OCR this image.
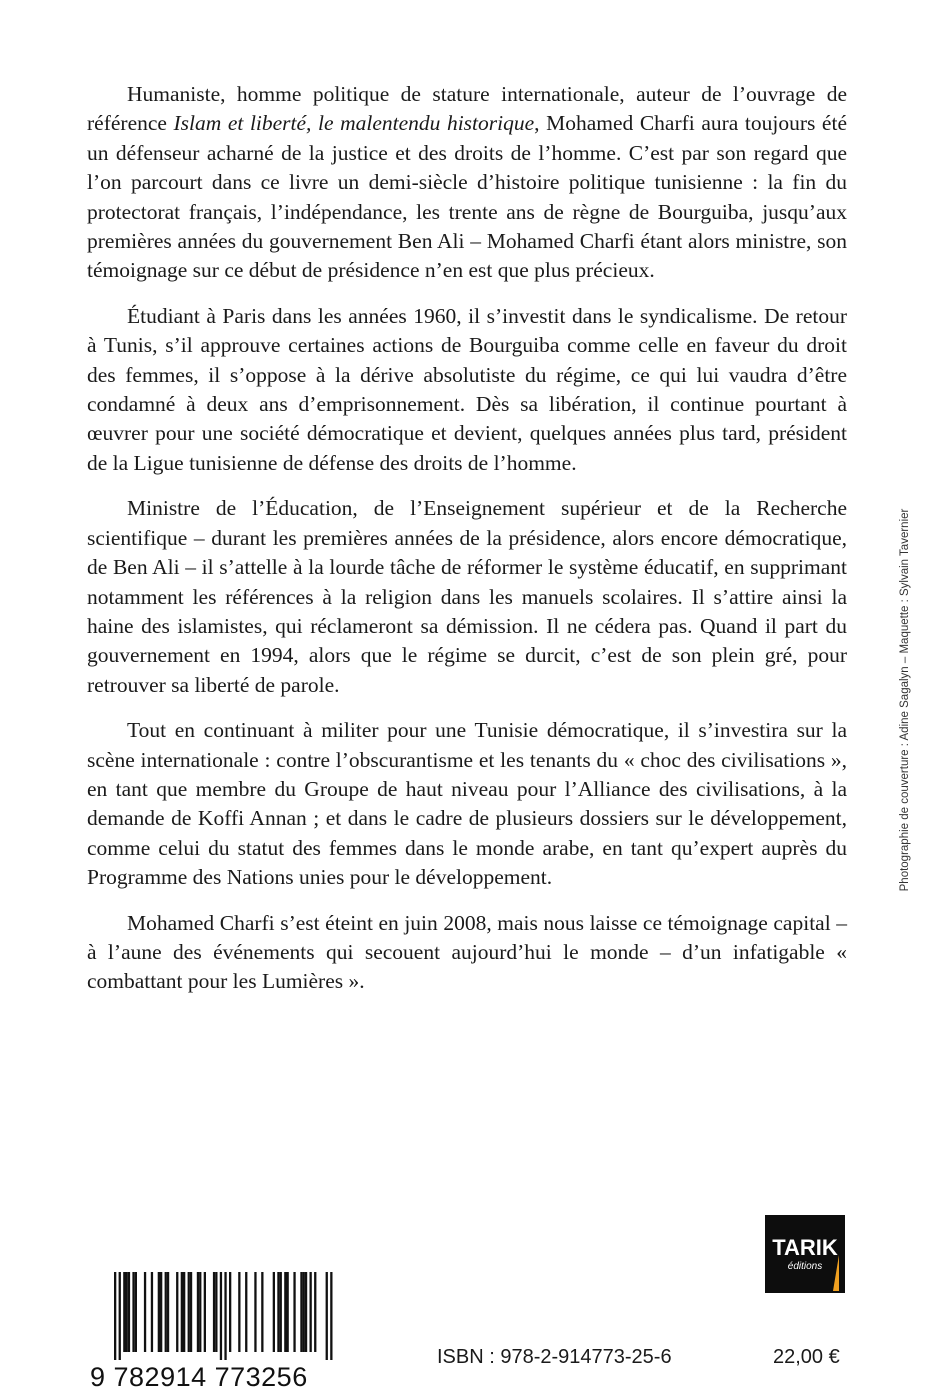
Humaniste, homme politique de stature internationale, auteur de l’ouvrage de référence Islam et liberté, le malentendu historique, Mohamed Charfi aura toujours été un défenseur acharné de la justice et des droits de l’homme. C’est par son regard que l’on parcourt dans ce livre un demi-siècle d’histoire politique tunisienne : la fin du protectorat français, l’indépendance, les trente ans de règne de Bourguiba, jusqu’aux premières années du gouvernement Ben Ali – Mohamed Charfi étant alors ministre, son témoignage sur ce début de présidence n’en est que plus précieux.

Étudiant à Paris dans les années 1960, il s’investit dans le syndicalisme. De retour à Tunis, s’il approuve certaines actions de Bourguiba comme celle en faveur du droit des femmes, il s’oppose à la dérive absolutiste du régime, ce qui lui vaudra d’être condamné à deux ans d’emprisonnement. Dès sa libération, il continue pourtant à œuvrer pour une société démocratique et devient, quelques années plus tard, président de la Ligue tunisienne de défense des droits de l’homme.

Ministre de l’Éducation, de l’Enseignement supérieur et de la Recherche scientifique – durant les premières années de la présidence, alors encore démocratique, de Ben Ali – il s’attelle à la lourde tâche de réformer le système éducatif, en supprimant notamment les références à la religion dans les manuels scolaires. Il s’attire ainsi la haine des islamistes, qui réclameront sa démission. Il ne cédera pas. Quand il part du gouvernement en 1994, alors que le régime se durcit, c’est de son plein gré, pour retrouver sa liberté de parole.

Tout en continuant à militer pour une Tunisie démocratique, il s’investira sur la scène internationale : contre l’obscurantisme et les tenants du « choc des civilisations », en tant que membre du Groupe de haut niveau pour l’Alliance des civilisations, à la demande de Koffi Annan ; et dans le cadre de plusieurs dossiers sur le développement, comme celui du statut des femmes dans le monde arabe, en tant qu’expert auprès du Programme des Nations unies pour le développement.

Mohamed Charfi s’est éteint en juin 2008, mais nous laisse ce témoignage capital – à l’aune des événements qui secouent aujourd’hui le monde – d’un infatigable « combattant pour les Lumières ».

Photographie de couverture : Adine Sagalyn – Maquette : Sylvain Tavernier
TARIK
éditions
9 782914 773256
ISBN : 978-2-914773-25-6	22,00 €
